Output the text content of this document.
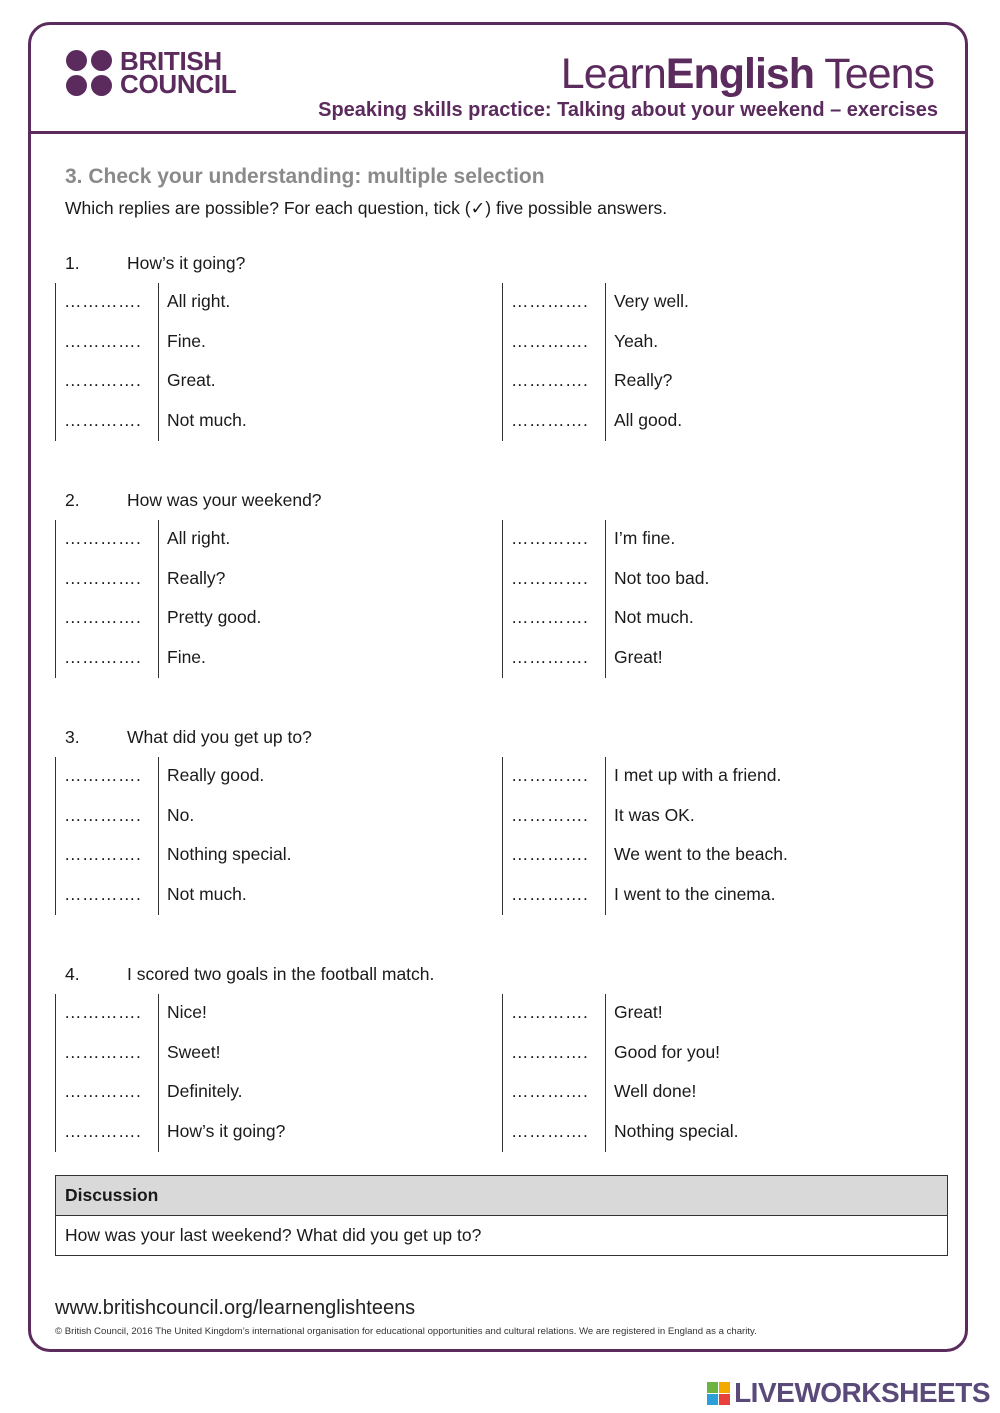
BRITISH
COUNCIL	LearnEnglish Teens
Speaking skills practice: Talking about your weekend – exercises
3. Check your understanding: multiple selection
Which replies are possible? For each question, tick (✓) five possible answers.
1.	How’s it going?
…………. All right.
…………. Fine.
…………. Great.
…………. Not much.
…………. Very well.
…………. Yeah.
…………. Really?
…………. All good.
2.	How was your weekend?
…………. All right.
…………. Really?
…………. Pretty good.
…………. Fine.
…………. I’m fine.
…………. Not too bad.
…………. Not much.
…………. Great!
3.	What did you get up to?
…………. Really good.
…………. No.
…………. Nothing special.
…………. Not much.
…………. I met up with a friend.
…………. It was OK.
…………. We went to the beach.
…………. I went to the cinema.
4.	I scored two goals in the football match.
…………. Nice!
…………. Sweet!
…………. Definitely.
…………. How’s it going?
…………. Great!
…………. Good for you!
…………. Well done!
…………. Nothing special.
Discussion
How was your last weekend? What did you get up to?
www.britishcouncil.org/learnenglishteens
© British Council, 2016 The United Kingdom’s international organisation for educational opportunities and cultural relations. We are registered in England as a charity.
LIVEWORKSHEETS
